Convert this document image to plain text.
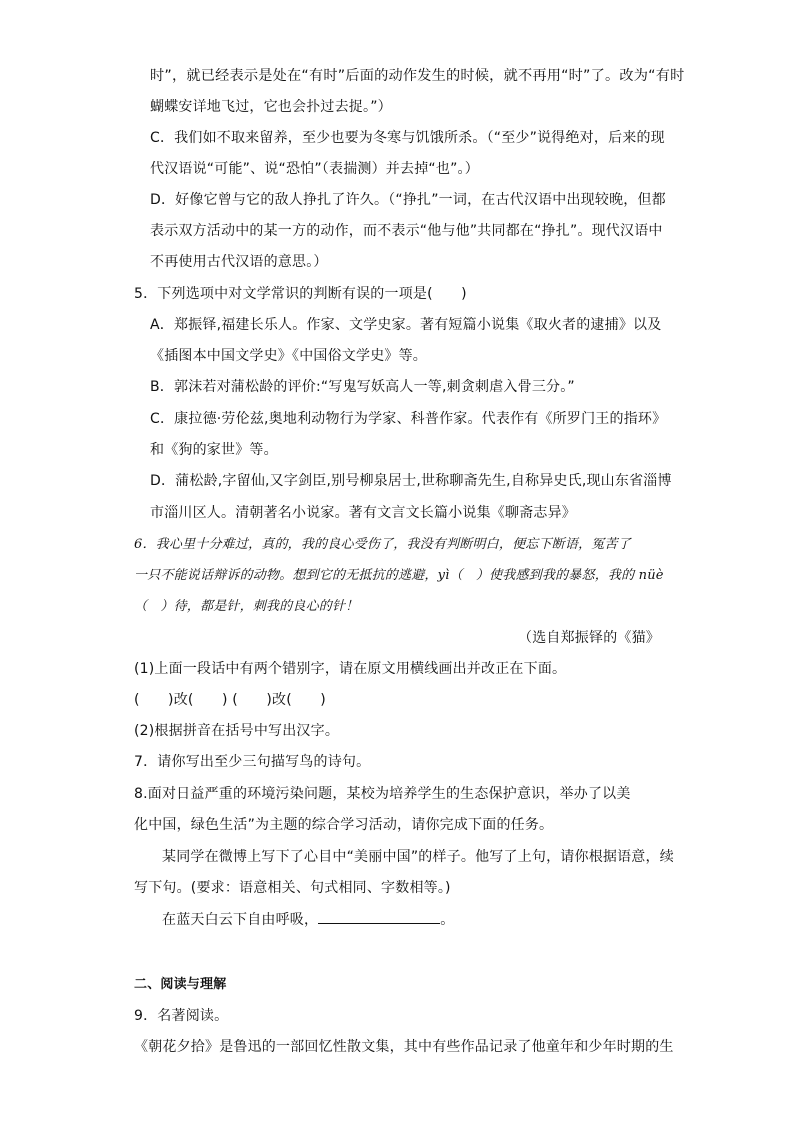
时”，就已经表示是处在“有时”后面的动作发生的时候，就不再用“时”了。改为“有时
蝴蝶安详地飞过，它也会扑过去捉。”）
C．我们如不取来留养，至少也要为冬寒与饥饿所杀。（“至少”说得绝对，后来的现
代汉语说“可能”、说“恐怕”（表揣测）并去掉“也”。）
D．好像它曾与它的敌人挣扎了许久。（“挣扎”一词，在古代汉语中出现较晚，但都
表示双方活动中的某一方的动作，而不表示“他与他”共同都在“挣扎”。现代汉语中
不再使用古代汉语的意思。）
5．下列选项中对文学常识的判断有误的一项是(　　)
A．郑振铎,福建长乐人。作家、文学史家。著有短篇小说集《取火者的逮捕》以及
《插图本中国文学史》《中国俗文学史》等。
B．郭沫若对蒲松龄的评价:“写鬼写妖高人一等,刺贪刺虐入骨三分。”
C．康拉德·劳伦兹,奥地利动物行为学家、科普作家。代表作有《所罗门王的指环》
和《狗的家世》等。
D．蒲松龄,字留仙,又字剑臣,别号柳泉居士,世称聊斋先生,自称异史氏,现山东省淄博
市淄川区人。清朝著名小说家。著有文言文长篇小说集《聊斋志异》
6．我心里十分难过，真的，我的良心受伤了，我没有判断明白，便忘下断语，冤苦了
一只不能说话辩诉的动物。想到它的无抵抗的逃避，yì（　）使我感到我的暴怒，我的 nüè
（　）待，都是针，刺我的良心的针！
（选自郑振铎的《猫》
(1)上面一段话中有两个错别字，请在原文用横线画出并改正在下面。
(　　)改(　　) (　　)改(　　)
(2)根据拼音在括号中写出汉字。
7．请你写出至少三句描写鸟的诗句。
8.面对日益严重的环境污染问题，某校为培养学生的生态保护意识，举办了以美
化中国，绿色生活”为主题的综合学习活动，请你完成下面的任务。
某同学在微博上写下了心目中“美丽中国”的样子。他写了上句，请你根据语意，续
写下句。(要求：语意相关、句式相同、字数相等。)
在蓝天白云下自由呼吸，	。
二、阅读与理解
9．名著阅读。
《朝花夕拾》是鲁迅的一部回忆性散文集，其中有些作品记录了他童年和少年时期的生
